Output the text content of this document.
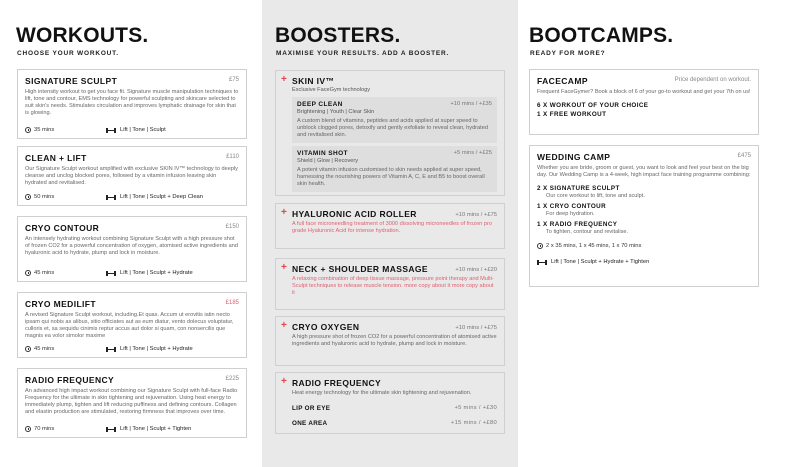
WORKOUTS.
CHOOSE YOUR WORKOUT.
SIGNATURE SCULPT	£75
High intensity workout to get you face fit. Signature muscle manipulation techniques to lift, tone and contour, EMS technology for powerful sculpting and skincare selected to suit skin's needs. Stimulates circulation and improves lymphatic drainage for skin that is glowing.
35 mins	Lift | Tone | Sculpt
CLEAN + LIFT	£110
Our Signature Sculpt workout amplified with exclusive SKIN IV™ technology to deeply cleanse and unclog blocked pores, followed by a vitamin infusion leaving skin hydrated and revitalised.
50 mins	Lift | Tone | Sculpt + Deep Clean
CRYO CONTOUR	£150
An intensely hydrating workout combining Signature Sculpt with a high pressure shot of frozen CO2 for a powerful concentration of oxygen, atomised active ingredients and hyaluronic acid to hydrate, plump and lock in moisture.
45 mins	Lift | Tone | Sculpt + Hydrate
CRYO MEDILIFT	£185
A revised Signature Sculpt workout, including.Et quas. Accum ut erovitis iatin necto ipsam qui nobis as alibus, sitio officiates aut as eum diatur, vento dolecus voluptatur, culloris et, sa sequidu cinimis reptur accus aut dolor si quam, con nonsercilis que magnis ea volor simolor maxime
45 mins	Lift | Tone | Sculpt + Hydrate
RADIO FREQUENCY	£225
An advanced high impact workout combining our Signature Sculpt with full-face Radio Frequency for the ultimate in skin tightening and rejuvenation. Using heat energy to immediately plump, tighten and lift reducing puffiness and defining contours. Collagen and elastin production are stimulated, restoring firmness that improves over time.
70 mins	Lift | Tone | Sculpt + Tighten
BOOSTERS.
MAXIMISE YOUR RESULTS. ADD A BOOSTER.
+ SKIN IV™
Exclusive FaceGym technology
DEEP CLEAN	+10 mins / +£35
Brightening | Youth | Clear Skin
A custom blend of vitamins, peptides and acids applied at super speed to unblock clogged pores, detoxify and gently exfoliate to reveal clean, hydrated and revitalised skin.
VITAMIN SHOT	+5 mins / +£25
Shield | Glow | Recovery
A potent vitamin infusion customised to skin needs applied at super speed, harnessing the nourishing powers of Vitamin A, C, E and B5 to boost overall skin health.
+ HYALURONIC ACID ROLLER	+10 mins / +£75
A full face microneedling treatment of 3000 dissolving microneedles of frozen pro grade Hyaluronic Acid for intense hydration.
+ NECK + SHOULDER MASSAGE	+10 mins / +£20
A relaxing combination of deep tissue massage, pressure point therapy and Multi-Sculpt techniques to release muscle tension. more copy about it more copy about it
+ CRYO OXYGEN	+10 mins / +£75
A high pressure shot of frozen CO2 for a powerful concentration of atomised active ingredients and hyaluronic acid to hydrate, plump and lock in moisture.
+ RADIO FREQUENCY
Heat energy technology for the ultimate skin tightening and rejuvenation.
LIP OR EYE	+5 mins / +£30
ONE AREA	+15 mins / +£80
BOOTCAMPS.
READY FOR MORE?
FACECAMP	Price dependent on workout.
Frequent FaceGymer? Book a block of 6 of your go-to workout and get your 7th on us!
6 X WORKOUT OF YOUR CHOICE
1 X FREE WORKOUT
WEDDING CAMP	£475
Whether you are bride, groom or guest, you want to look and feel your best on the big day. Our Wedding Camp is a 4-week, high impact face training programme combining:
2 X SIGNATURE SCULPT
Our core workout to lift, tone and sculpt.
1 X CRYO CONTOUR
For deep hydration.
1 X RADIO FREQUENCY
To tighten, contour and revitalise.
2 x 35 mins, 1 x 45 mins, 1 x 70 mins
Lift | Tone | Sculpt + Hydrate + Tighten
